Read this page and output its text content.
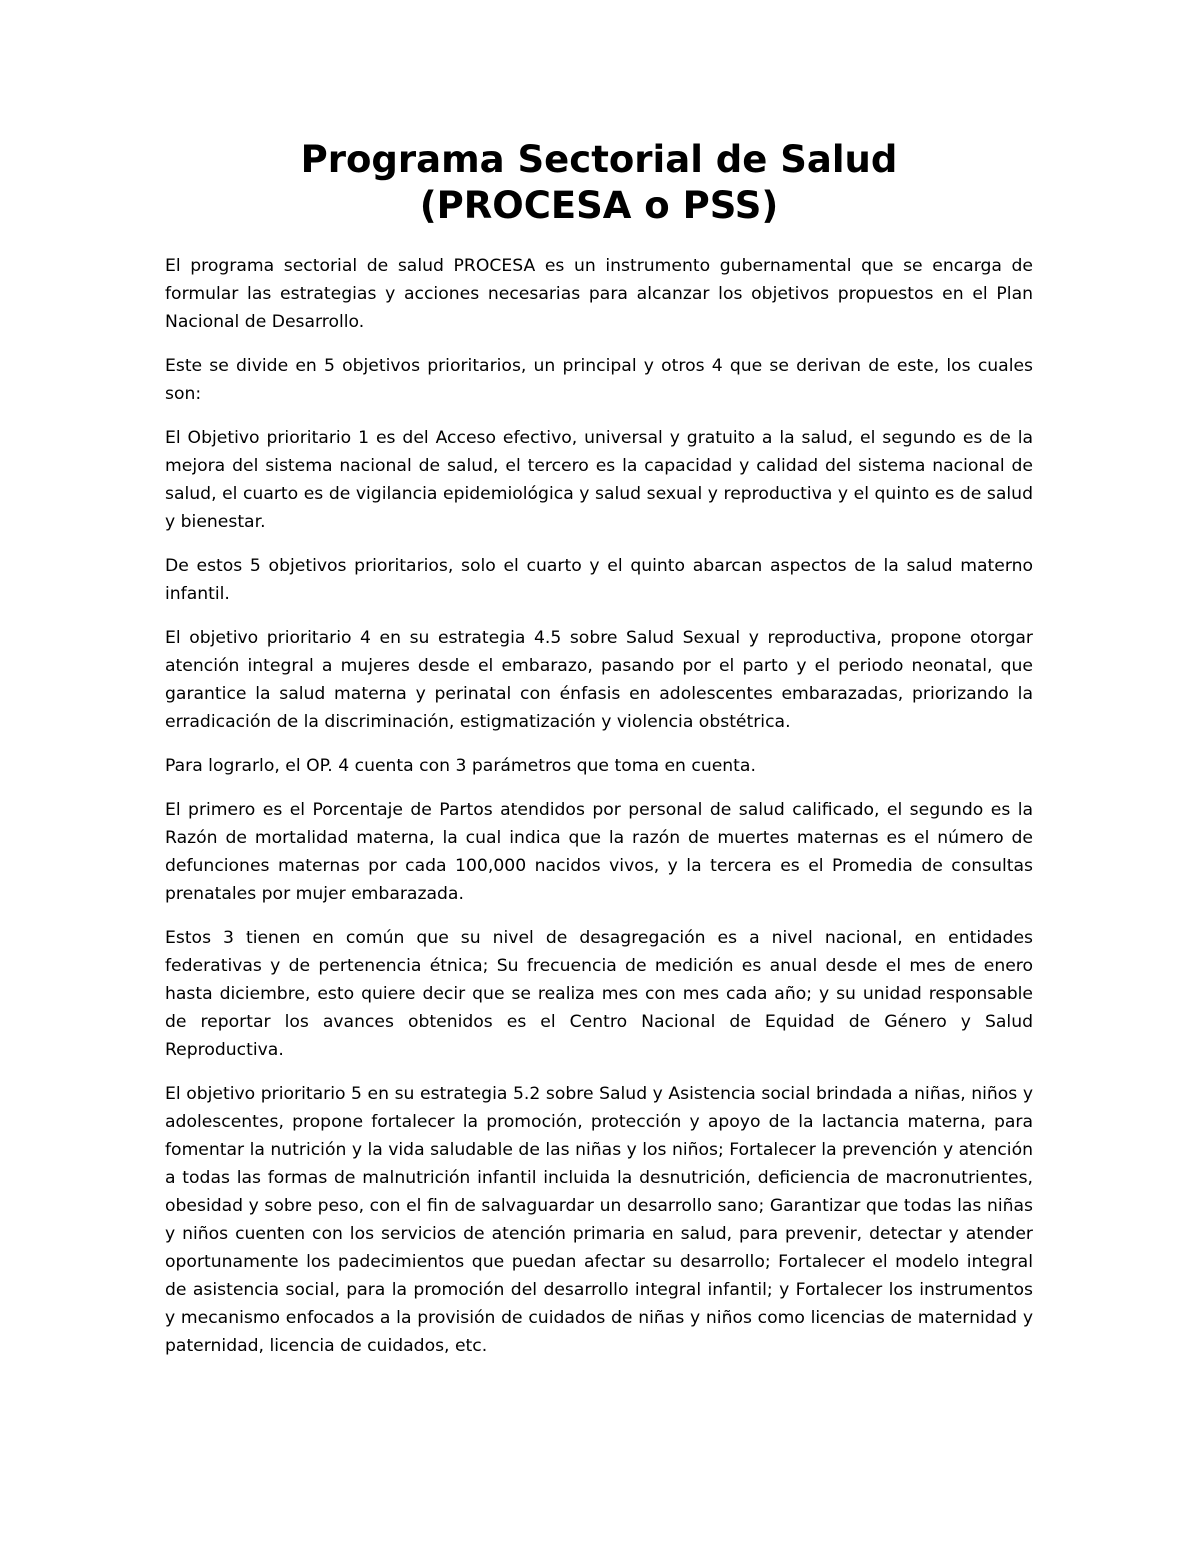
Programa Sectorial de Salud
(PROCESA o PSS)

El programa sectorial de salud PROCESA es un instrumento gubernamental que se encarga de formular las estrategias y acciones necesarias para alcanzar los objetivos propuestos en el Plan Nacional de Desarrollo.

Este se divide en 5 objetivos prioritarios, un principal y otros 4 que se derivan de este, los cuales son:

El Objetivo prioritario 1 es del Acceso efectivo, universal y gratuito a la salud, el segundo es de la mejora del sistema nacional de salud, el tercero es la capacidad y calidad del sistema nacional de salud, el cuarto es de vigilancia epidemiológica y salud sexual y reproductiva y el quinto es de salud y bienestar.

De estos 5 objetivos prioritarios, solo el cuarto y el quinto abarcan aspectos de la salud materno infantil.

El objetivo prioritario 4 en su estrategia 4.5 sobre Salud Sexual y reproductiva, propone otorgar atención integral a mujeres desde el embarazo, pasando por el parto y el periodo neonatal, que garantice la salud materna y perinatal con énfasis en adolescentes embarazadas, priorizando la erradicación de la discriminación, estigmatización y violencia obstétrica.

Para lograrlo, el OP. 4 cuenta con 3 parámetros que toma en cuenta.

El primero es el Porcentaje de Partos atendidos por personal de salud calificado, el segundo es la Razón de mortalidad materna, la cual indica que la razón de muertes maternas es el número de defunciones maternas por cada 100,000 nacidos vivos, y la tercera es el Promedia de consultas prenatales por mujer embarazada.

Estos 3 tienen en común que su nivel de desagregación es a nivel nacional, en entidades federativas y de pertenencia étnica; Su frecuencia de medición es anual desde el mes de enero hasta diciembre, esto quiere decir que se realiza mes con mes cada año; y su unidad responsable de reportar los avances obtenidos es el Centro Nacional de Equidad de Género y Salud Reproductiva.

El objetivo prioritario 5 en su estrategia 5.2 sobre Salud y Asistencia social brindada a niñas, niños y adolescentes, propone fortalecer la promoción, protección y apoyo de la lactancia materna, para fomentar la nutrición y la vida saludable de las niñas y los niños; Fortalecer la prevención y atención a todas las formas de malnutrición infantil incluida la desnutrición, deficiencia de macronutrientes, obesidad y sobre peso, con el fin de salvaguardar un desarrollo sano; Garantizar que todas las niñas y niños cuenten con los servicios de atención primaria en salud, para prevenir, detectar y atender oportunamente los padecimientos que puedan afectar su desarrollo; Fortalecer el modelo integral de asistencia social, para la promoción del desarrollo integral infantil; y Fortalecer los instrumentos y mecanismo enfocados a la provisión de cuidados de niñas y niños como licencias de maternidad y paternidad, licencia de cuidados, etc.
